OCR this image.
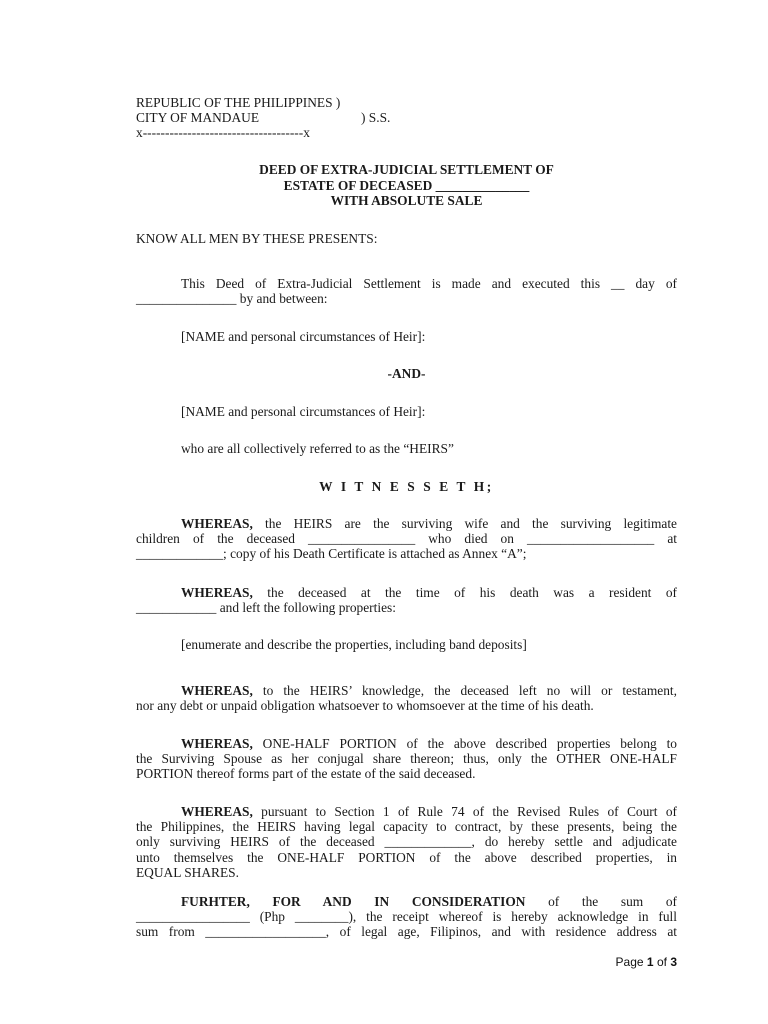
REPUBLIC OF THE PHILIPPINES )
CITY OF MANDAUE	) S.S.
x------------------------------------x
DEED OF EXTRA-JUDICIAL SETTLEMENT OF
ESTATE OF DECEASED ______________
WITH ABSOLUTE SALE
KNOW ALL MEN BY THESE PRESENTS:

This Deed of Extra-Judicial Settlement is made and executed this __ day of

_______________ by and between:

[NAME and personal circumstances of Heir]:
-AND-
[NAME and personal circumstances of Heir]:
who are all collectively referred to as the “HEIRS”
W I T N E S S E T H;

WHEREAS, the HEIRS are the surviving wife and the surviving legitimate

children of the deceased ________________ who died on ___________________ at

_____________; copy of his Death Certificate is attached as Annex “A”;

WHEREAS, the deceased at the time of his death was a resident of

____________ and left the following properties:

[enumerate and describe the properties, including band deposits]

WHEREAS, to the HEIRS’ knowledge, the deceased left no will or testament,

nor any debt or unpaid obligation whatsoever to whomsoever at the time of his death.

WHEREAS, ONE-HALF PORTION of the above described properties belong to

the Surviving Spouse as her conjugal share thereon; thus, only the OTHER ONE-HALF

PORTION thereof forms part of the estate of the said deceased.

WHEREAS, pursuant to Section 1 of Rule 74 of the Revised Rules of Court of

the Philippines, the HEIRS having legal capacity to contract, by these presents, being the

only surviving HEIRS of the deceased _____________, do hereby settle and adjudicate

unto themselves the ONE-HALF PORTION of the above described properties, in

EQUAL SHARES.

FURHTER, FOR AND IN CONSIDERATION of the sum of

_________________ (Php ________), the receipt whereof is hereby acknowledge in full

sum from __________________, of legal age, Filipinos, and with residence address at

Page 1 of 3
